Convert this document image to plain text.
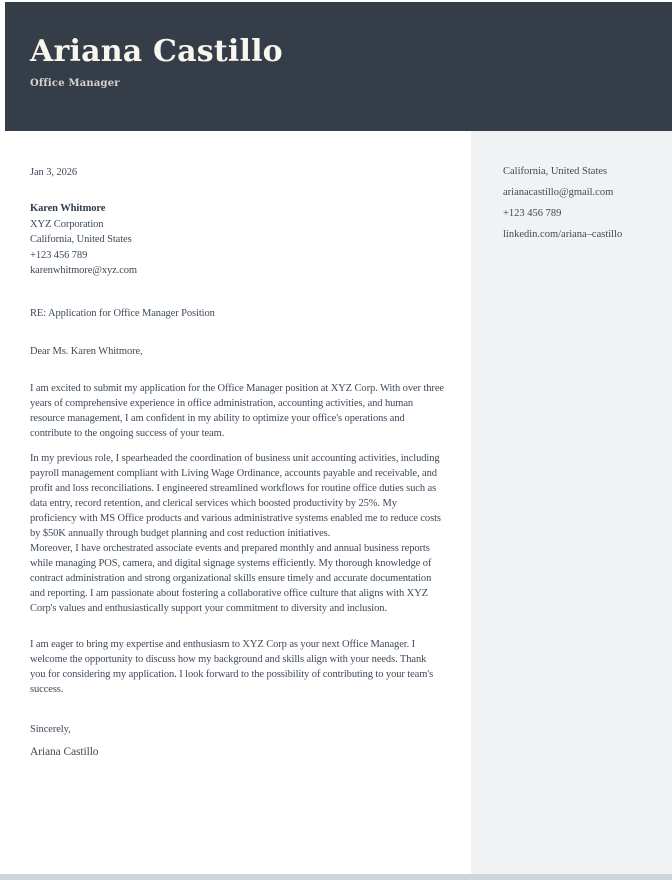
Ariana Castillo
Office Manager
Jan 3, 2026
Karen Whitmore
XYZ Corporation
California, United States
+123 456 789
karenwhitmore@xyz.com
RE: Application for Office Manager Position
Dear Ms. Karen Whitmore,

I am excited to submit my application for the Office Manager position at XYZ Corp. With over three years of comprehensive experience in office administration, accounting activities, and human resource management, I am confident in my ability to optimize your office's operations and contribute to the ongoing success of your team.

In my previous role, I spearheaded the coordination of business unit accounting activities, including payroll management compliant with Living Wage Ordinance, accounts payable and receivable, and profit and loss reconciliations. I engineered streamlined workflows for routine office duties such as data entry, record retention, and clerical services which boosted productivity by 25%. My proficiency with MS Office products and various administrative systems enabled me to reduce costs by $50K annually through budget planning and cost reduction initiatives.

Moreover, I have orchestrated associate events and prepared monthly and annual business reports while managing POS, camera, and digital signage systems efficiently. My thorough knowledge of contract administration and strong organizational skills ensure timely and accurate documentation and reporting. I am passionate about fostering a collaborative office culture that aligns with XYZ Corp's values and enthusiastically support your commitment to diversity and inclusion.

I am eager to bring my expertise and enthusiasm to XYZ Corp as your next Office Manager. I welcome the opportunity to discuss how my background and skills align with your needs. Thank you for considering my application. I look forward to the possibility of contributing to your team's success.

Sincerely,
Ariana Castillo
California, United States
arianacastillo@gmail.com
+123 456 789
linkedin.com/ariana–castillo
